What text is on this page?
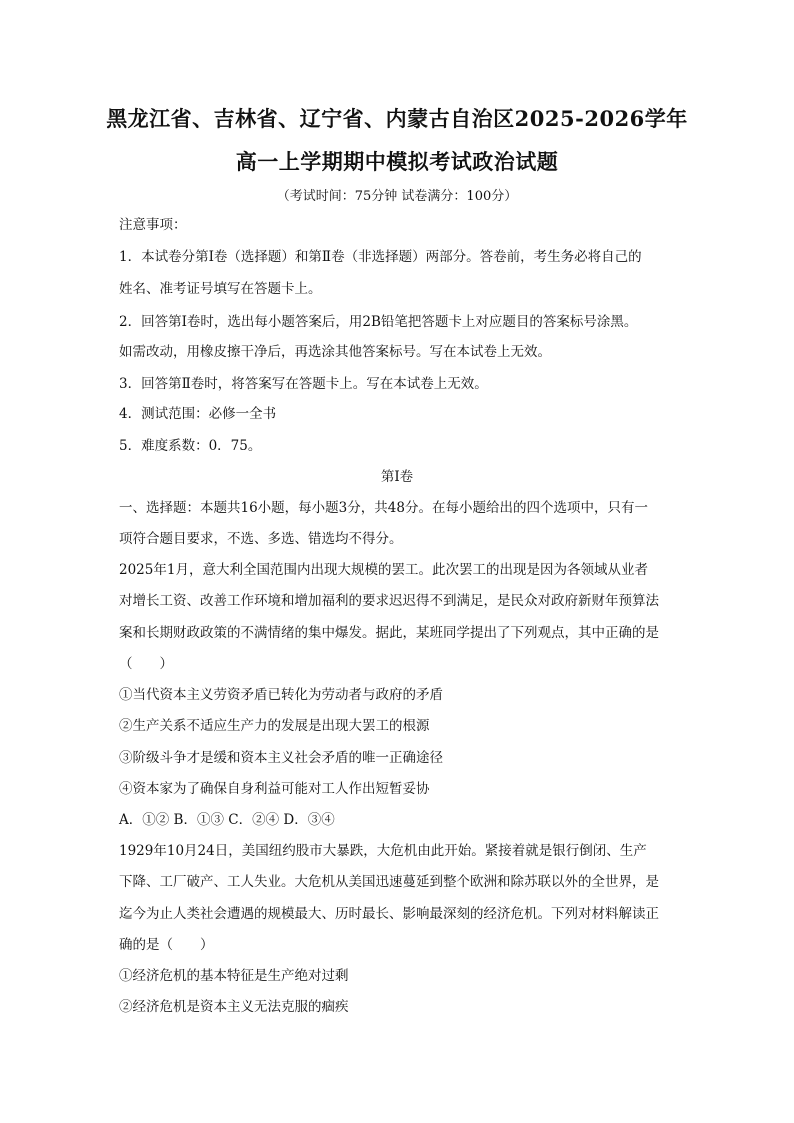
黑龙江省、吉林省、辽宁省、内蒙古自治区2025-2026学年
高一上学期期中模拟考试政治试题
（考试时间：75分钟 试卷满分：100分）
注意事项：
1．本试卷分第Ⅰ卷（选择题）和第Ⅱ卷（非选择题）两部分。答卷前，考生务必将自己的
姓名、准考证号填写在答题卡上。
2．回答第Ⅰ卷时，选出每小题答案后，用2B铅笔把答题卡上对应题目的答案标号涂黑。
如需改动，用橡皮擦干净后，再选涂其他答案标号。写在本试卷上无效。
3．回答第Ⅱ卷时，将答案写在答题卡上。写在本试卷上无效。
4．测试范围：必修一全书
5．难度系数：0．75。
第Ⅰ卷
一、选择题：本题共16小题，每小题3分，共48分。在每小题给出的四个选项中，只有一
项符合题目要求，不选、多选、错选均不得分。
2025年1月，意大利全国范围内出现大规模的罢工。此次罢工的出现是因为各领域从业者
对增长工资、改善工作环境和增加福利的要求迟迟得不到满足，是民众对政府新财年预算法
案和长期财政政策的不满情绪的集中爆发。据此，某班同学提出了下列观点，其中正确的是
（　　）
①当代资本主义劳资矛盾已转化为劳动者与政府的矛盾
②生产关系不适应生产力的发展是出现大罢工的根源
③阶级斗争才是缓和资本主义社会矛盾的唯一正确途径
④资本家为了确保自身利益可能对工人作出短暂妥协
A．①② B．①③ C．②④ D．③④
1929年10月24日，美国纽约股市大暴跌，大危机由此开始。紧接着就是银行倒闭、生产
下降、工厂破产、工人失业。大危机从美国迅速蔓延到整个欧洲和除苏联以外的全世界，是
迄今为止人类社会遭遇的规模最大、历时最长、影响最深刻的经济危机。下列对材料解读正
确的是（　　）
①经济危机的基本特征是生产绝对过剩
②经济危机是资本主义无法克服的痼疾
